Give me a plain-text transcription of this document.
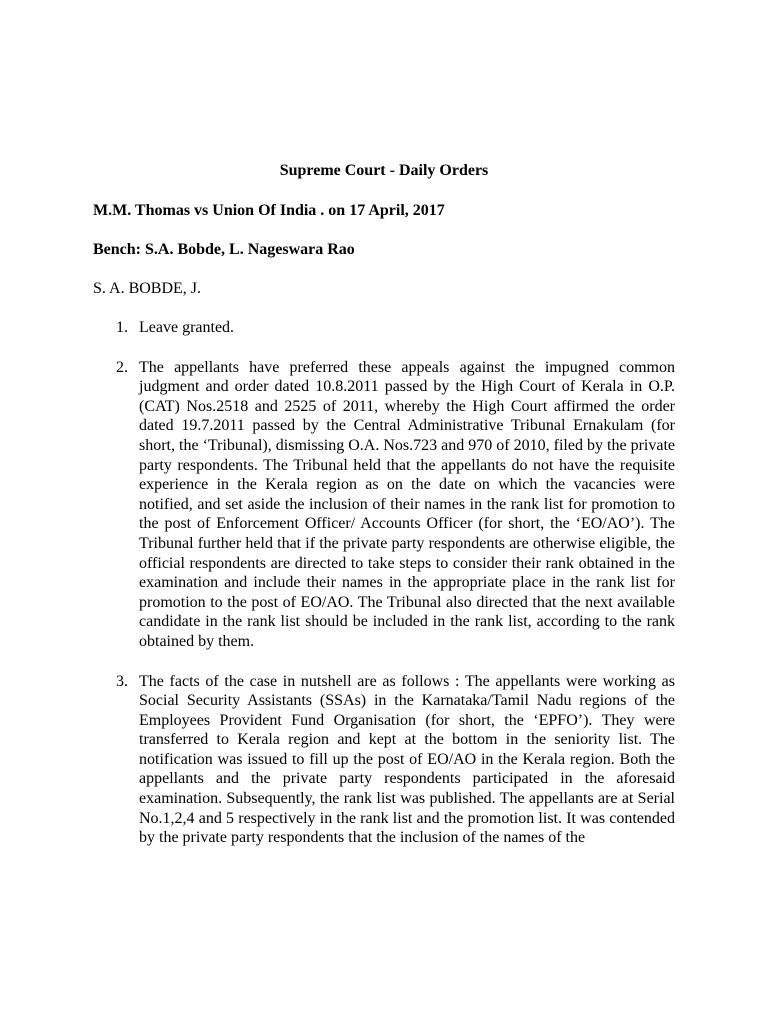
Supreme Court - Daily Orders
M.M. Thomas vs Union Of India . on 17 April, 2017
Bench: S.A. Bobde, L. Nageswara Rao
S. A. BOBDE, J.
1. Leave granted.

2. The appellants have preferred these appeals against the impugned common judgment and order dated 10.8.2011 passed by the High Court of Kerala in O.P.(CAT) Nos.2518 and 2525 of 2011, whereby the High Court affirmed the order dated 19.7.2011 passed by the Central Administrative Tribunal Ernakulam (for short, the ‘Tribunal), dismissing O.A. Nos.723 and 970 of 2010, filed by the private party respondents. The Tribunal held that the appellants do not have the requisite experience in the Kerala region as on the date on which the vacancies were notified, and set aside the inclusion of their names in the rank list for promotion to the post of Enforcement Officer/ Accounts Officer (for short, the ‘EO/AO’). The Tribunal further held that if the private party respondents are otherwise eligible, the official respondents are directed to take steps to consider their rank obtained in the examination and include their names in the appropriate place in the rank list for promotion to the post of EO/AO. The Tribunal also directed that the next available candidate in the rank list should be included in the rank list, according to the rank obtained by them.

3. The facts of the case in nutshell are as follows : The appellants were working as Social Security Assistants (SSAs) in the Karnataka/Tamil Nadu regions of the Employees Provident Fund Organisation (for short, the ‘EPFO’). They were transferred to Kerala region and kept at the bottom in the seniority list. The notification was issued to fill up the post of EO/AO in the Kerala region. Both the appellants and the private party respondents participated in the aforesaid examination. Subsequently, the rank list was published. The appellants are at Serial No.1,2,4 and 5 respectively in the rank list and the promotion list. It was contended by the private party respondents that the inclusion of the names of the
